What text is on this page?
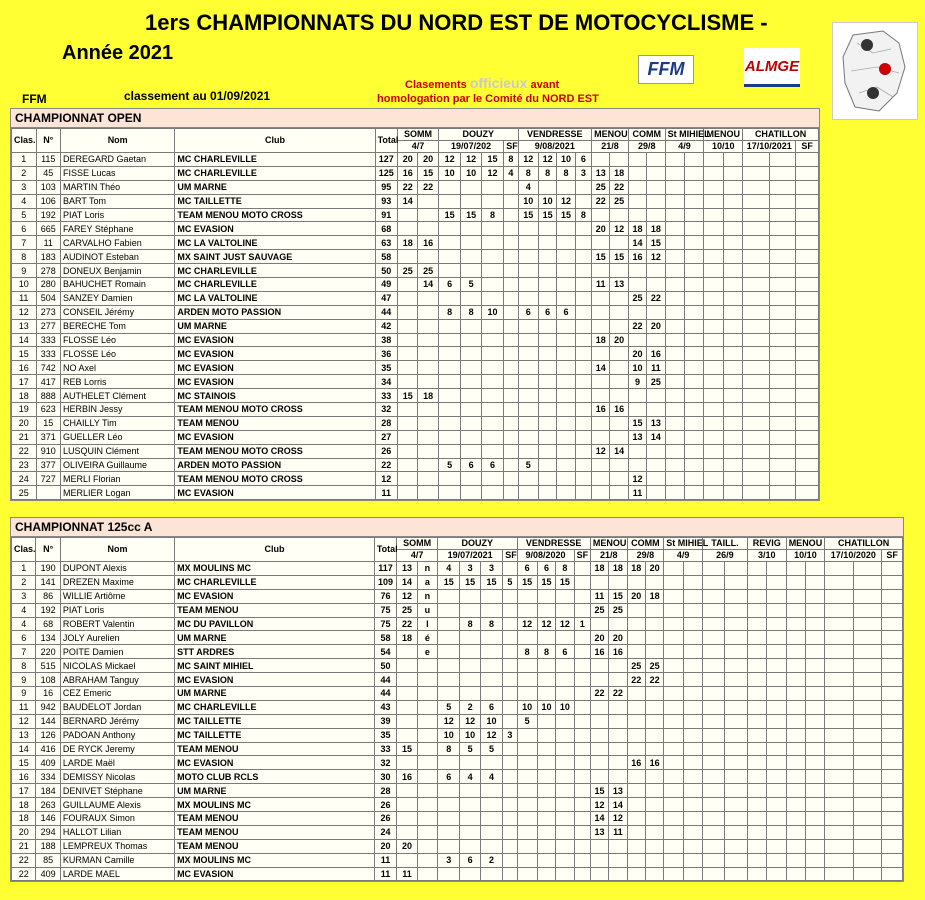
1ers CHAMPIONNATS DU NORD EST DE MOTOCYCLISME -
Année 2021
FFM	classement au 01/09/2021
Clasements officieux avant
homologation par le Comité du NORD EST
FFM	ALMGE
CHAMPIONNAT OPEN
Clas.	N°	Nom	Club	Total	SOMM		DOUZY				VENDRESSE				MENOU		COMM		St MIHIEL		MENOU		CHATILLON		
					4/7		19/07/202			SF	9/08/2021				21/8		29/8		4/9		10/10		17/10/2021		SF
1	115	DEREGARD Gaetan	MC CHARLEVILLE	127	20	20	12	12	15	8	12	12	10	6											
2	45	FISSE Lucas	MC CHARLEVILLE	125	16	15	10	10	12	4	8	8	8	3	13	18									
3	103	MARTIN Théo	UM MARNE	95	22	22					4				25	22									
4	106	BART Tom	MC TAILLETTE	93	14						10	10	12		22	25									
5	192	PIAT Loris	TEAM MENOU MOTO CROSS	91			15	15	8		15	15	15	8											
6	665	FAREY Stéphane	MC EVASION	68											20	12	18	18							
7	11	CARVALHO Fabien	MC LA VALTOLINE	63	18	16											14	15							
8	183	AUDINOT Esteban	MX SAINT JUST SAUVAGE	58											15	15	16	12							
9	278	DONEUX Benjamin	MC CHARLEVILLE	50	25	25																			
10	280	BAHUCHET Romain	MC CHARLEVILLE	49		14	6	5							11	13									
11	504	SANZEY Damien	MC LA VALTOLINE	47													25	22							
12	273	CONSEIL Jérémy	ARDEN MOTO PASSION	44			8	8	10		6	6	6												
13	277	BERECHE Tom	UM MARNE	42													22	20							
14	333	FLOSSE Léo	MC EVASION	38											18	20									
15	333	FLOSSE Léo	MC EVASION	36													20	16							
16	742	NO Axel	MC EVASION	35											14		10	11							
17	417	REB Lorris	MC EVASION	34													9	25							
18	888	AUTHELET Clément	MC STAINOIS	33	15	18																			
19	623	HERBIN Jessy	TEAM MENOU MOTO CROSS	32											16	16									
20	15	CHAILLY Tim	TEAM MENOU	28													15	13							
21	371	GUELLER Léo	MC EVASION	27													13	14							
22	910	LUSQUIN Clément	TEAM MENOU MOTO CROSS	26											12	14									
23	377	OLIVEIRA Guillaume	ARDEN MOTO PASSION	22			5	6	6		5														
24	727	MERLI Florian	TEAM MENOU MOTO CROSS	12													12								
25		MERLIER Logan	MC EVASION	11													11								
CHAMPIONNAT 125cc A
Clas.	N°	Nom	Club	Total	SOMM		DOUZY				VENDRESSE				MENOU		COMM		St MIHIEL		TAILL.		REVIG		MENOU		CHATILLON		
					4/7		19/07/2021			SF	9/08/2020			SF	21/8		29/8		4/9		26/9		3/10		10/10		17/10/2020		SF
1	190	DUPONT Alexis	MX MOULINS MC	117	13	n	4	3	3		6	6	8		18	18	18	20											
2	141	DREZEN Maxime	MC CHARLEVILLE	109	14	a	15	15	15	5	15	15	15																
3	86	WILLIE Artiôme	MC EVASION	76	12	n									11	15	20	18											
4	192	PIAT Loris	TEAM MENOU	75	25	u									25	25													
4	68	ROBERT Valentin	MC DU PAVILLON	75	22	l		8	8		12	12	12	1															
6	134	JOLY Aurelien	UM MARNE	58	18	é									20	20													
7	220	POITE Damien	STT ARDRES	54		e					8	8	6		16	16													
8	515	NICOLAS Mickael	MC SAINT MIHIEL	50													25	25											
9	108	ABRAHAM Tanguy	MC EVASION	44													22	22											
9	16	CEZ Emeric	UM MARNE	44											22	22													
11	942	BAUDELOT Jordan	MC CHARLEVILLE	43			5	2	6		10	10	10																
12	144	BERNARD Jérémy	MC TAILLETTE	39			12	12	10		5																		
13	126	PADOAN Anthony	MC TAILLETTE	35			10	10	12	3																			
14	416	DE RYCK Jeremy	TEAM MENOU	33	15		8	5	5																				
15	409	LARDE Maël	MC EVASION	32													16	16											
16	334	DEMISSY Nicolas	MOTO CLUB RCLS	30	16		6	4	4																				
17	184	DENIVET Stéphane	UM MARNE	28											15	13													
18	263	GUILLAUME Alexis	MX MOULINS MC	26											12	14													
18	146	FOURAUX Simon	TEAM MENOU	26											14	12													
20	294	HALLOT Lilian	TEAM MENOU	24											13	11													
21	188	LEMPREUX Thomas	TEAM MENOU	20	20																								
22	85	KURMAN Camille	MX MOULINS MC	11			3	6	2																				
22	409	LARDE MAEL	MC EVASION	11	11																								
